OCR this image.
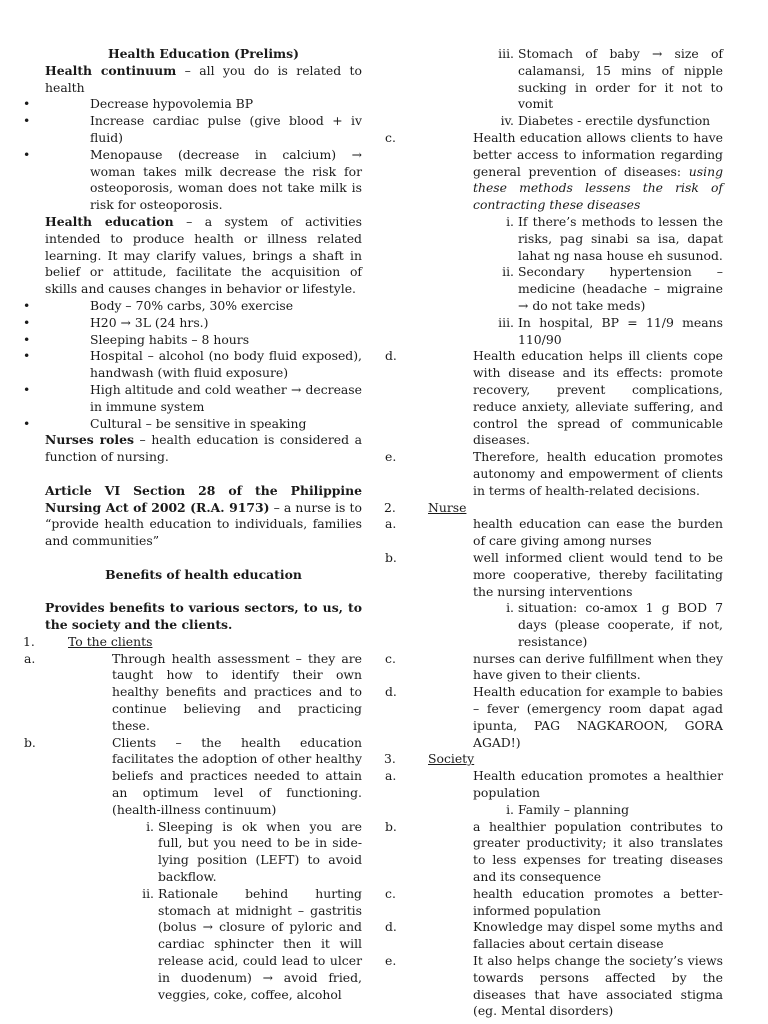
Health Education (Prelims)

Health continuum – all you do is related to health

•	Decrease hypovolemia BP
•	Increase cardiac pulse (give blood + iv fluid)
•	Menopause (decrease in calcium) → woman takes milk decrease the risk for osteoporosis, woman does not take milk is risk for osteoporosis.

Health education – a system of activities intended to produce health or illness related learning. It may clarify values, brings a shaft in belief or attitude, facilitate the acquisition of skills and causes changes in behavior or lifestyle.

•	Body – 70% carbs, 30% exercise
•	H20 → 3L (24 hrs.)
•	Sleeping habits – 8 hours
•	Hospital – alcohol (no body fluid exposed), handwash (with fluid exposure)
•	High altitude and cold weather → decrease in immune system
•	Cultural – be sensitive in speaking

Nurses roles – health education is considered a function of nursing.

Article VI Section 28 of the Philippine Nursing Act of 2002 (R.A. 9173) – a nurse is to “provide health education to individuals, families and communities”

Benefits of health education

Provides benefits to various sectors, to us, to the society and the clients.

1.	To the clients
a.	Through health assessment – they are taught how to identify their own healthy benefits and practices and to continue believing and practicing these.
b.	Clients – the health education facilitates the adoption of other healthy beliefs and practices needed to attain an optimum level of functioning. (health-illness continuum)
i. Sleeping is ok when you are full, but you need to be in side-lying position (LEFT) to avoid backflow.
ii. Rationale behind hurting stomach at midnight – gastritis (bolus → closure of pyloric and cardiac sphincter then it will release acid, could lead to ulcer in duodenum) → avoid fried, veggies, coke, coffee, alcohol
iii. Stomach of baby → size of calamansi, 15 mins of nipple sucking in order for it not to vomit
iv. Diabetes - erectile dysfunction
c.	Health education allows clients to have better access to information regarding general prevention of diseases: using these methods lessens the risk of contracting these diseases
i. If there’s methods to lessen the risks, pag sinabi sa isa, dapat lahat ng nasa house eh susunod.
ii. Secondary hypertension – medicine (headache – migraine → do not take meds)
iii. In hospital, BP = 11/9 means 110/90
d.	Health education helps ill clients cope with disease and its effects: promote recovery, prevent complications, reduce anxiety, alleviate suffering, and control the spread of communicable diseases.
e.	Therefore, health education promotes autonomy and empowerment of clients in terms of health-related decisions.
2.	Nurse
a.	health education can ease the burden of care giving among nurses
b.	well informed client would tend to be more cooperative, thereby facilitating the nursing interventions
i. situation: co-amox 1 g BOD 7 days (please cooperate, if not, resistance)
c.	nurses can derive fulfillment when they have given to their clients.
d.	Health education for example to babies – fever (emergency room dapat agad ipunta, PAG NAGKAROON, GORA AGAD!)
3.	Society
a.	Health education promotes a healthier population
i. Family – planning
b.	a healthier population contributes to greater productivity; it also translates to less expenses for treating diseases and its consequence
c.	health education promotes a better-informed population
d.	Knowledge may dispel some myths and fallacies about certain disease
e.	It also helps change the society’s views towards persons affected by the diseases that have associated stigma (eg. Mental disorders)
